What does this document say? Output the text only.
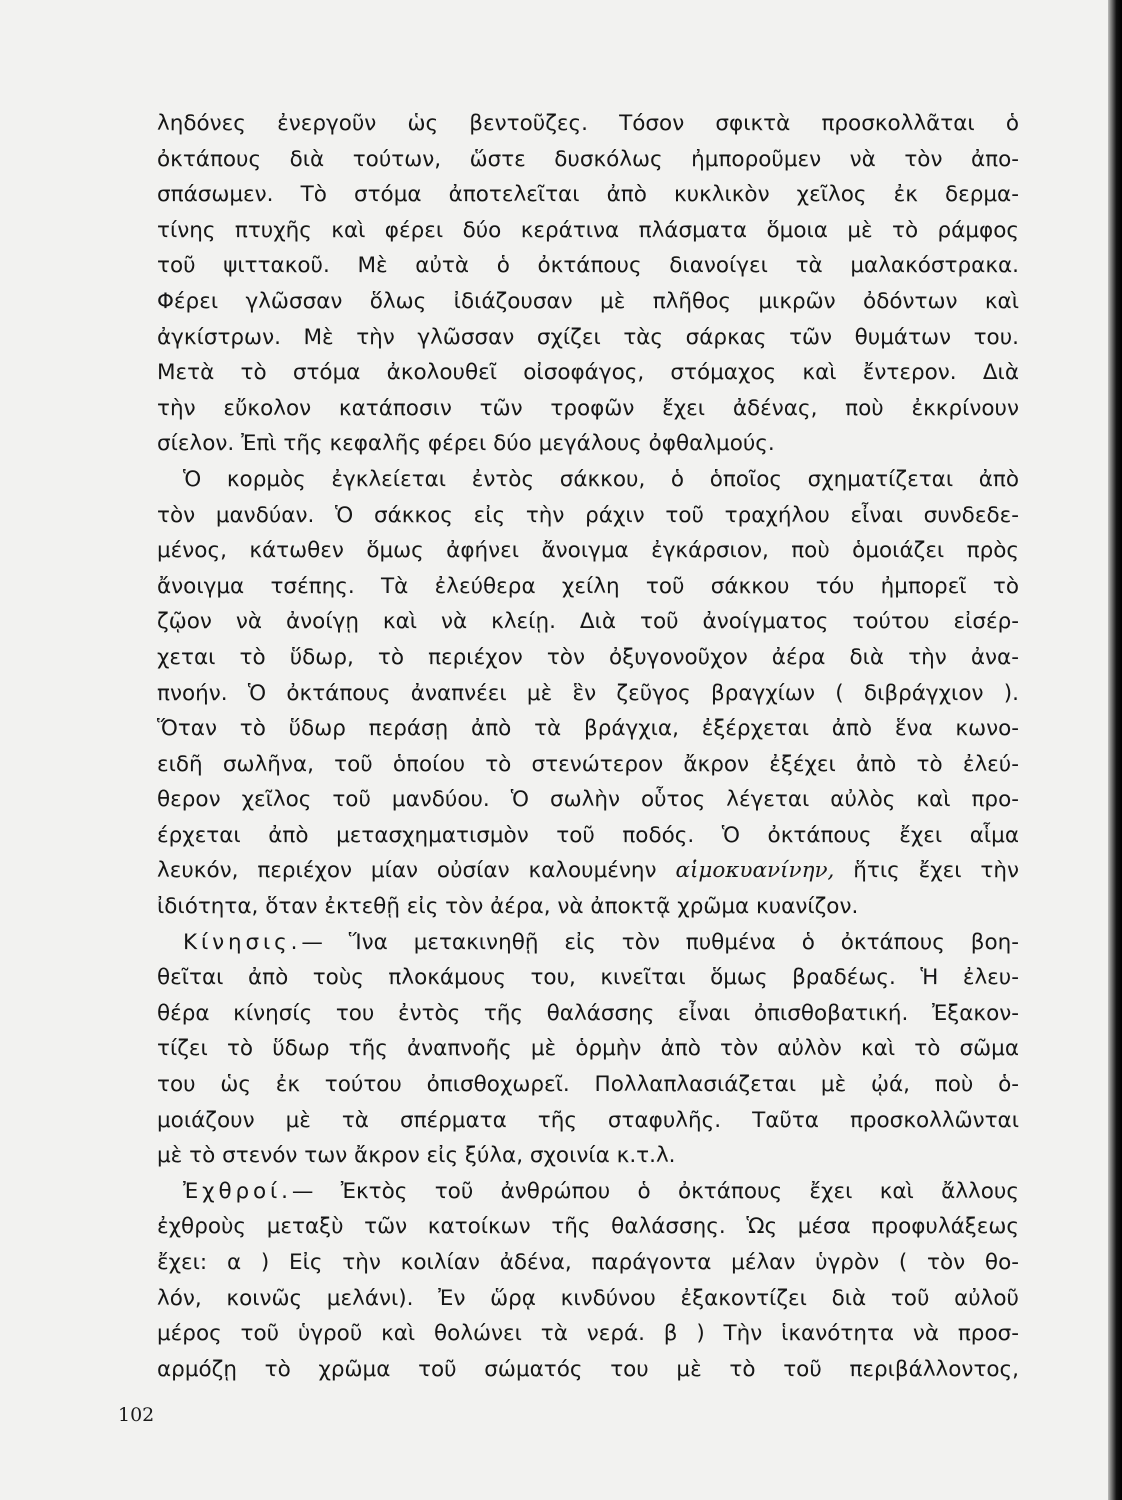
ληδόνες ἐνεργοῦν ὡς βεντοῦζες. Τόσον σφικτὰ προσκολλᾶται ὁ
ὀκτάπους διὰ τούτων, ὥστε δυσκόλως ἠμποροῦμεν νὰ τὸν ἀπο-
σπάσωμεν. Τὸ στόμα ἀποτελεῖται ἀπὸ κυκλικὸν χεῖλος ἐκ δερμα-
τίνης πτυχῆς καὶ φέρει δύο κεράτινα πλάσματα ὅμοια μὲ τὸ ράμφος
τοῦ ψιττακοῦ. Μὲ αὐτὰ ὁ ὀκτάπους διανοίγει τὰ μαλακόστρακα.
Φέρει γλῶσσαν ὅλως ἰδιάζουσαν μὲ πλῆθος μικρῶν ὀδόντων καὶ
ἀγκίστρων. Μὲ τὴν γλῶσσαν σχίζει τὰς σάρκας τῶν θυμάτων του.
Μετὰ τὸ στόμα ἀκολουθεῖ οἰσοφάγος, στόμαχος καὶ ἔντερον. Διὰ
τὴν εὔκολον κατάποσιν τῶν τροφῶν ἔχει ἀδένας, ποὺ ἐκκρίνουν
σίελον. Ἐπὶ τῆς κεφαλῆς φέρει δύο μεγάλους ὀφθαλμούς.
Ὁ κορμὸς ἐγκλείεται ἐντὸς σάκκου, ὁ ὁποῖος σχηματίζεται ἀπὸ
τὸν μανδύαν. Ὁ σάκκος εἰς τὴν ράχιν τοῦ τραχήλου εἶναι συνδεδε-
μένος, κάτωθεν ὅμως ἀφήνει ἄνοιγμα ἐγκάρσιον, ποὺ ὁμοιάζει πρὸς
ἄνοιγμα τσέπης. Τὰ ἐλεύθερα χείλη τοῦ σάκκου τόυ ἠμπορεῖ τὸ
ζῷον νὰ ἀνοίγῃ καὶ νὰ κλείῃ. Διὰ τοῦ ἀνοίγματος τούτου εἰσέρ-
χεται τὸ ὕδωρ, τὸ περιέχον τὸν ὀξυγονοῦχον ἀέρα διὰ τὴν ἀνα-
πνοήν. Ὁ ὀκτάπους ἀναπνέει μὲ ἓν ζεῦγος βραγχίων ( διβράγχιον ).
Ὅταν τὸ ὕδωρ περάσῃ ἀπὸ τὰ βράγχια, ἐξέρχεται ἀπὸ ἕνα κωνο-
ειδῆ σωλῆνα, τοῦ ὁποίου τὸ στενώτερον ἄκρον ἐξέχει ἀπὸ τὸ ἐλεύ-
θερον χεῖλος τοῦ μανδύου. Ὁ σωλὴν οὗτος λέγεται αὐλὸς καὶ προ-
έρχεται ἀπὸ μετασχηματισμὸν τοῦ ποδός. Ὁ ὀκτάπους ἔχει αἷμα
λευκόν, περιέχον μίαν οὐσίαν καλουμένην αἱμοκυανίνην, ἥτις ἔχει τὴν
ἰδιότητα, ὅταν ἐκτεθῇ εἰς τὸν ἀέρα, νὰ ἀποκτᾷ χρῶμα κυανίζον.
Κίνησις.— Ἵνα μετακινηθῇ εἰς τὸν πυθμένα ὁ ὀκτάπους βοη-
θεῖται ἀπὸ τοὺς πλοκάμους του, κινεῖται ὅμως βραδέως. Ἡ ἐλευ-
θέρα κίνησίς του ἐντὸς τῆς θαλάσσης εἶναι ὀπισθοβατική. Ἐξακον-
τίζει τὸ ὕδωρ τῆς ἀναπνοῆς μὲ ὁρμὴν ἀπὸ τὸν αὐλὸν καὶ τὸ σῶμα
του ὡς ἐκ τούτου ὀπισθοχωρεῖ. Πολλαπλασιάζεται μὲ ᾠά, ποὺ ὁ-
μοιάζουν μὲ τὰ σπέρματα τῆς σταφυλῆς. Ταῦτα προσκολλῶνται
μὲ τὸ στενόν των ἄκρον εἰς ξύλα, σχοινία κ.τ.λ.
Ἐχθροί.— Ἐκτὸς τοῦ ἀνθρώπου ὁ ὀκτάπους ἔχει καὶ ἄλλους
ἐχθροὺς μεταξὺ τῶν κατοίκων τῆς θαλάσσης. Ὡς μέσα προφυλάξεως
ἔχει: α ) Εἰς τὴν κοιλίαν ἀδένα, παράγοντα μέλαν ὑγρὸν ( τὸν θο-
λόν, κοινῶς μελάνι). Ἐν ὥρᾳ κινδύνου ἐξακοντίζει διὰ τοῦ αὐλοῦ
μέρος τοῦ ὑγροῦ καὶ θολώνει τὰ νερά. β ) Τὴν ἱκανότητα νὰ προσ-
αρμόζῃ τὸ χρῶμα τοῦ σώματός του μὲ τὸ τοῦ περιβάλλοντος,
102
